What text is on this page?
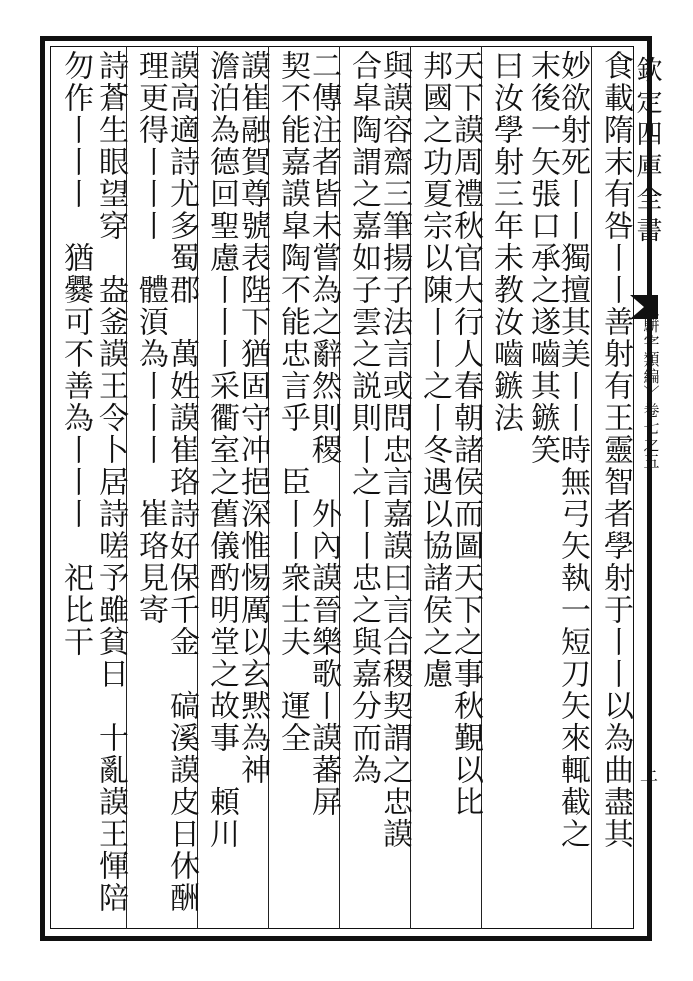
欽定四庫全書
〈駢字類編〉卷七之五
上
食載隋末有咎丨丨善射有王靈智者學射于丨丨以為曲盡其
妙欲射死丨丨獨擅其美丨丨時無弓矢執一短刀矢來輒截之
末後一矢張口承之遂嚙其鏃笑
曰汝學射三年未教汝嚙鏃法
天下謨周禮秋官大行人春朝諸侯而圖天下之事秋覲以比
邦國之功夏宗以陳丨丨之丨冬遇以協諸侯之慮
與謨容齋三筆揚子法言或問忠言嘉謨曰言合稷契謂之忠謨
合皐陶謂之嘉如子雲之説則丨之丨丨忠之與嘉分而為
二傳注者皆未嘗為之辭然則稷　外內謨晉樂歌丨謨蕃屏
契不能嘉謨皐陶不能忠言乎　臣丨丨衆士夫　運全
謨崔融賀尊號表陛下猶固守冲挹深惟惕厲以玄黙為神
澹泊為德回聖慮丨丨丨采衢室之舊儀酌明堂之故事　頼川
謨高適詩尤多蜀郡　萬姓謨崔珞詩好保千金　碻溪謨皮日休酬
理更得丨丨丨　體湏為丨丨丨　崔珞見寄
詩蒼生眼望穿　盎釜謨王令卜居詩嗟予雖貧日　十亂謨王惲陪
勿作丨丨丨　猶爨可不善為丨丨丨　祀比干
